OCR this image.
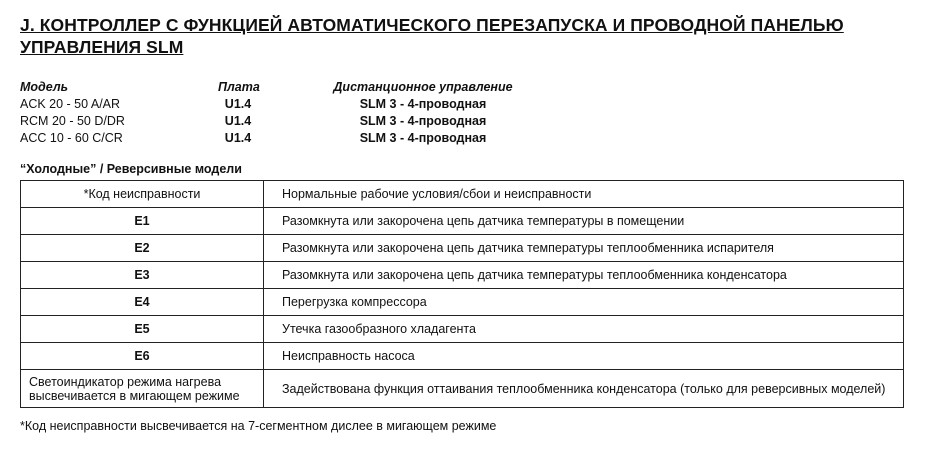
J. КОНТРОЛЛЕР С ФУНКЦИЕЙ АВТОМАТИЧЕСКОГО ПЕРЕЗАПУСКА И ПРОВОДНОЙ ПАНЕЛЬЮ УПРАВЛЕНИЯ SLM
Модель	Плата	Дистанционное управление
ACK 20 - 50 A/AR	U1.4	SLM 3 - 4-проводная
RCM 20 - 50 D/DR	U1.4	SLM 3 - 4-проводная
ACC 10 - 60 C/CR	U1.4	SLM 3 - 4-проводная
“Холодные” / Реверсивные модели
*Код неисправности	Нормальные рабочие условия/сбои и неисправности
E1	Разомкнута или закорочена цепь датчика температуры в помещении
E2	Разомкнута или закорочена цепь датчика температуры теплообменника испарителя
E3	Разомкнута или закорочена цепь датчика температуры теплообменника конденсатора
E4	Перегрузка компрессора
E5	Утечка газообразного хладагента
E6	Неисправность насоса
Светоиндикатор режима нагрева высвечивается в мигающем режиме	Задействована функция оттаивания теплообменника конденсатора (только для реверсивных моделей)
*Код неисправности высвечивается на 7-сегментном дислее в мигающем режиме
